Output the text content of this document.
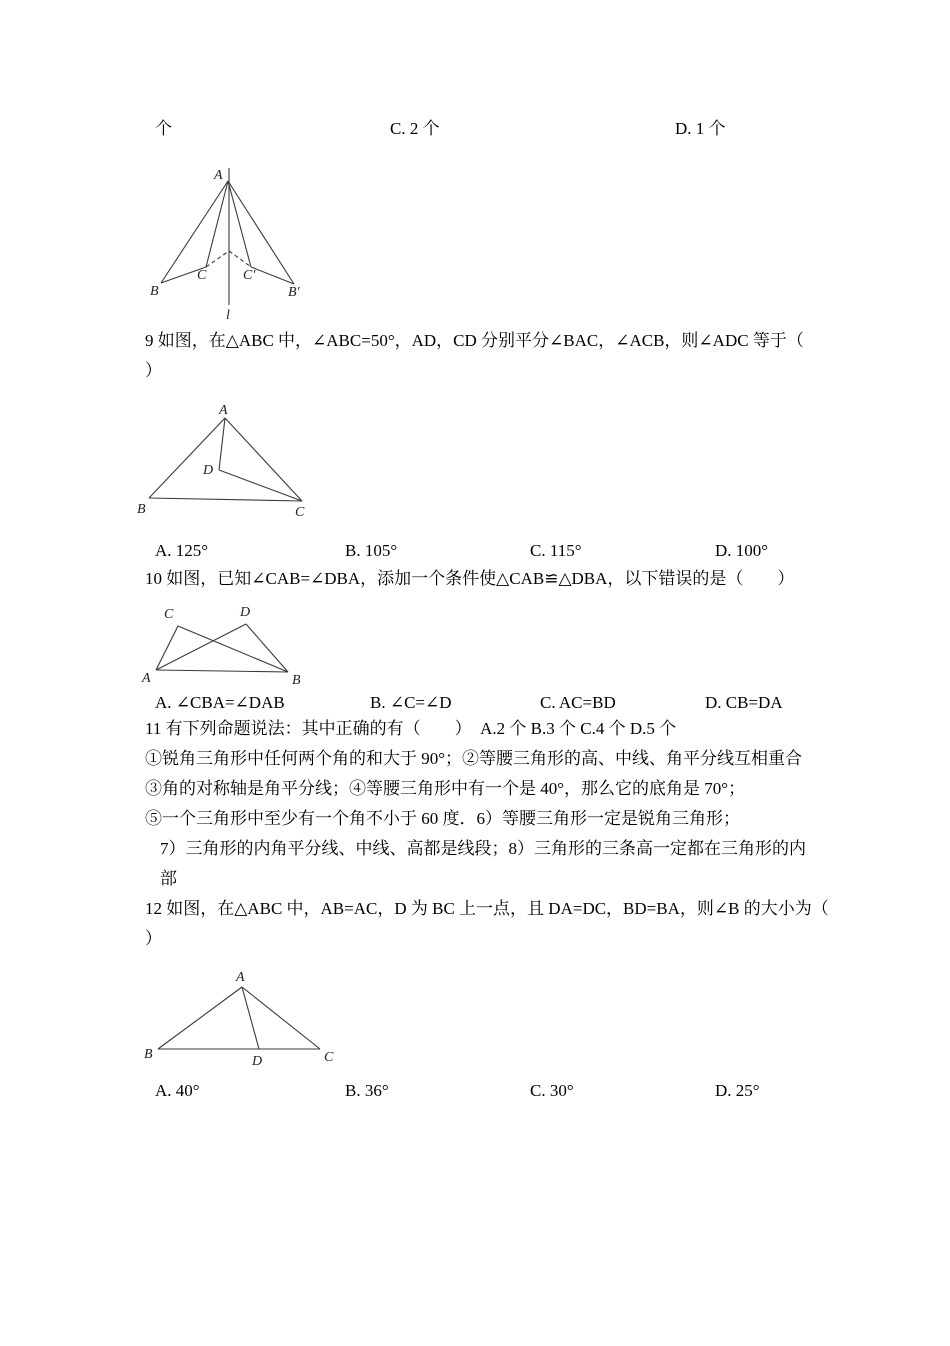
个	C. 2 个	D. 1 个
A
B
C	C′
B′
l
9 如图，在△ABC 中，∠ABC=50°，AD，CD 分别平分∠BAC，∠ACB，则∠ADC 等于（
）
A
B	C
D
A. 125°	B. 105°	C. 115°	D. 100°
10 如图，已知∠CAB=∠DBA，添加一个条件使△CAB≌△DBA，以下错误的是（        ）
C	D
A	B
A. ∠CBA=∠DAB	B. ∠C=∠D	C. AC=BD	D. CB=DA
11 有下列命题说法：其中正确的有（        ）  A.2 个 B.3 个 C.4 个 D.5 个
①锐角三角形中任何两个角的和大于 90°；②等腰三角形的高、中线、角平分线互相重合
③角的对称轴是角平分线；④等腰三角形中有一个是 40°，那么它的底角是 70°；
⑤一个三角形中至少有一个角不小于 60 度．6）等腰三角形一定是锐角三角形；
7）三角形的内角平分线、中线、高都是线段；8）三角形的三条高一定都在三角形的内
部
12 如图，在△ABC 中，AB=AC，D 为 BC 上一点，且 DA=DC，BD=BA，则∠B 的大小为（
）
A
B	C
D
A. 40°	B. 36°	C. 30°	D. 25°
